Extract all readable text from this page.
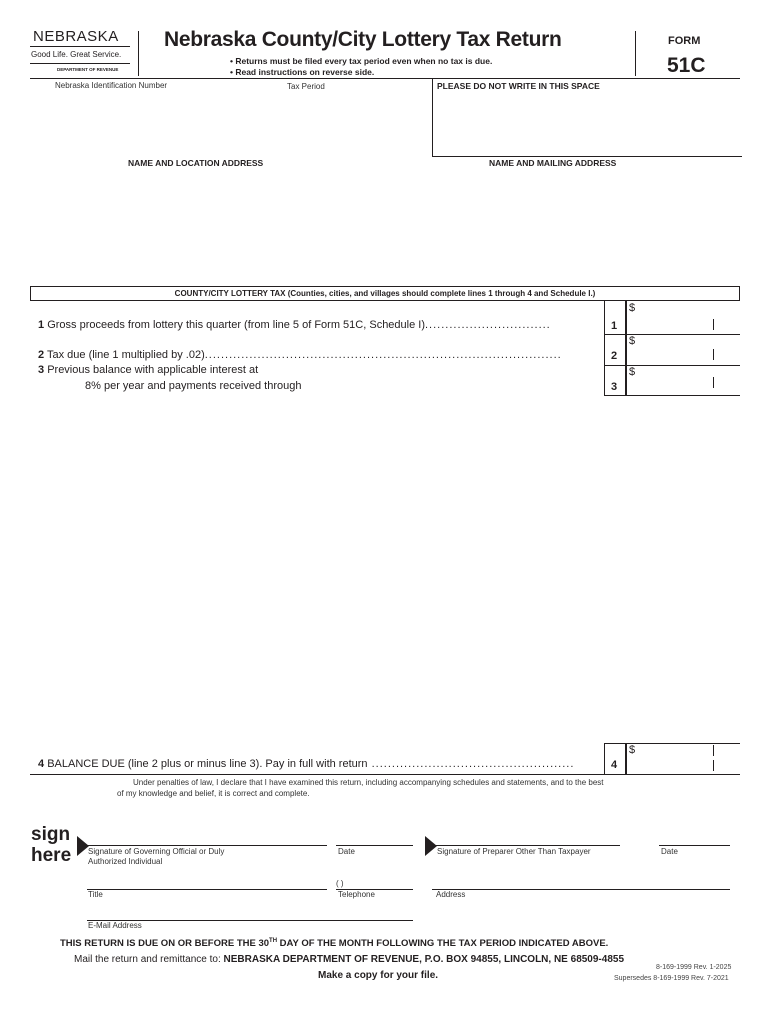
NEBRASKA
Good Life. Great Service.
DEPARTMENT OF REVENUE
Nebraska County/City Lottery Tax Return
• Returns must be filed every tax period even when no tax is due.
• Read instructions on reverse side.
FORM
51C
Nebraska Identification Number	Tax Period	PLEASE DO NOT WRITE IN THIS SPACE
NAME AND LOCATION ADDRESS	NAME AND MAILING ADDRESS
COUNTY/CITY LOTTERY TAX (Counties, cities, and villages should complete lines 1 through 4 and Schedule I.)
1 Gross proceeds from lottery this quarter (from line 5 of Form 51C, Schedule I)...............................	1
$
2 Tax due (line 1 multiplied by .02)........................................................................................	2
$
3 Previous balance with applicable interest at
8% per year and payments received through	3
$
4 BALANCE DUE (line 2 plus or minus line 3). Pay in full with return ..................................................	4
$
Under penalties of law, I declare that I have examined this return, including accompanying schedules and statements, and to the best
of my knowledge and belief, it is correct and complete.
sign
here Signature of Governing Official or Duly
Authorized Individual
Date	Signature of Preparer Other Than Taxpayer	Date
Title
( )
Telephone	Address
E-Mail Address
THIS RETURN IS DUE ON OR BEFORE THE 30TH DAY OF THE MONTH FOLLOWING THE TAX PERIOD INDICATED ABOVE.
Mail the return and remittance to: NEBRASKA DEPARTMENT OF REVENUE, P.O. BOX 94855, LINCOLN, NE 68509-4855
Make a copy for your file.
8-169-1999 Rev. 1-2025
Supersedes 8-169-1999 Rev. 7-2021
